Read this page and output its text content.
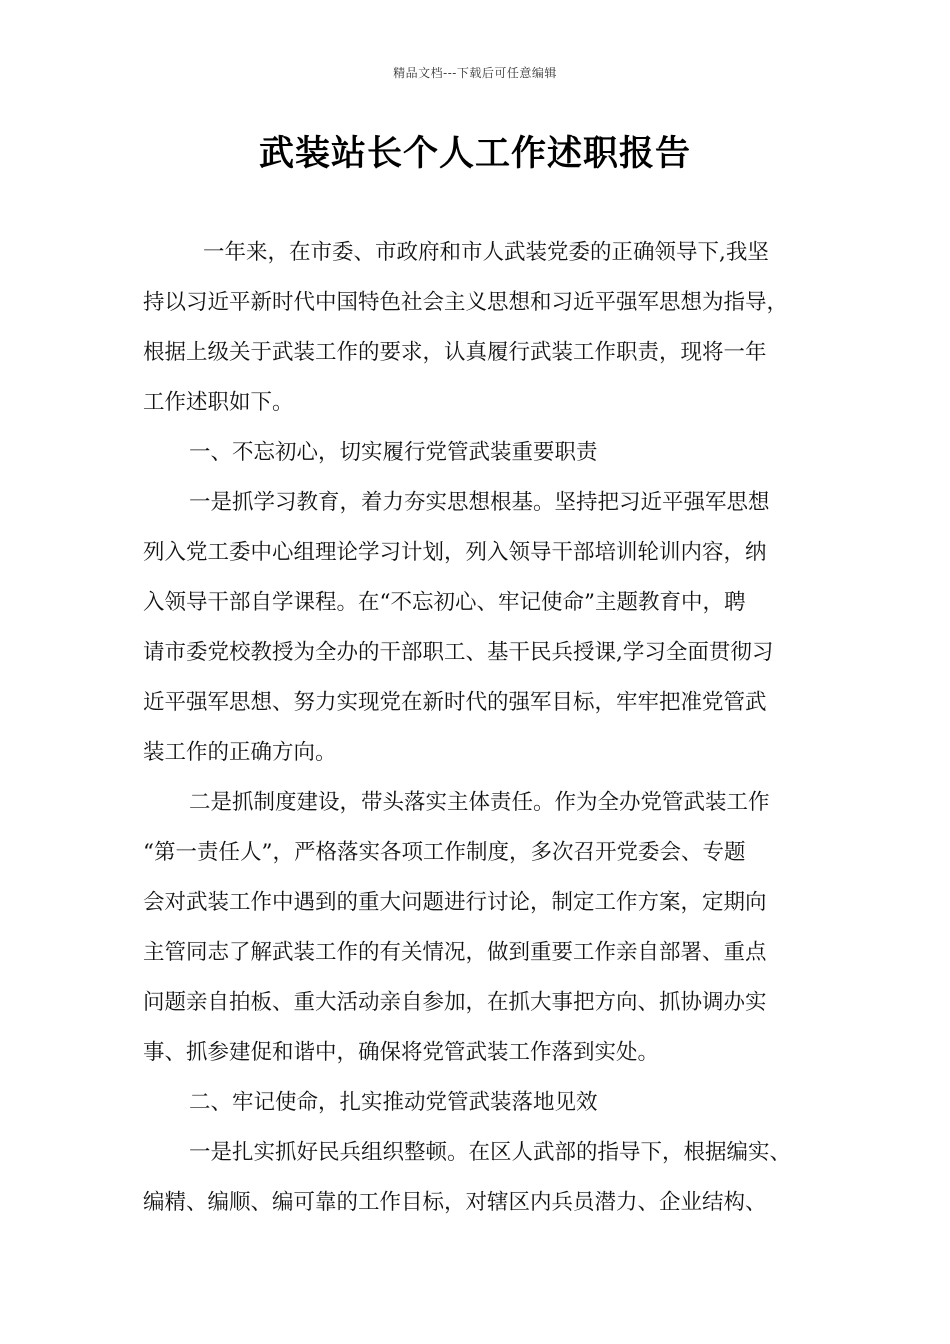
精品文档---下载后可任意编辑
武装站长个人工作述职报告
一年来，在市委、市政府和市人武装党委的正确领导下,我坚
持以习近平新时代中国特色社会主义思想和习近平强军思想为指导，
根据上级关于武装工作的要求，认真履行武装工作职责，现将一年
工作述职如下。
一、不忘初心，切实履行党管武装重要职责
一是抓学习教育，着力夯实思想根基。坚持把习近平强军思想
列入党工委中心组理论学习计划，列入领导干部培训轮训内容，纳
入领导干部自学课程。在“不忘初心、牢记使命”主题教育中，聘
请市委党校教授为全办的干部职工、基干民兵授课,学习全面贯彻习
近平强军思想、努力实现党在新时代的强军目标，牢牢把准党管武
装工作的正确方向。
二是抓制度建设，带头落实主体责任。作为全办党管武装工作
“第一责任人”，严格落实各项工作制度，多次召开党委会、专题
会对武装工作中遇到的重大问题进行讨论，制定工作方案，定期向
主管同志了解武装工作的有关情况，做到重要工作亲自部署、重点
问题亲自拍板、重大活动亲自参加，在抓大事把方向、抓协调办实
事、抓参建促和谐中，确保将党管武装工作落到实处。
二、牢记使命，扎实推动党管武装落地见效
一是扎实抓好民兵组织整顿。在区人武部的指导下，根据编实、
编精、编顺、编可靠的工作目标，对辖区内兵员潜力、企业结构、
